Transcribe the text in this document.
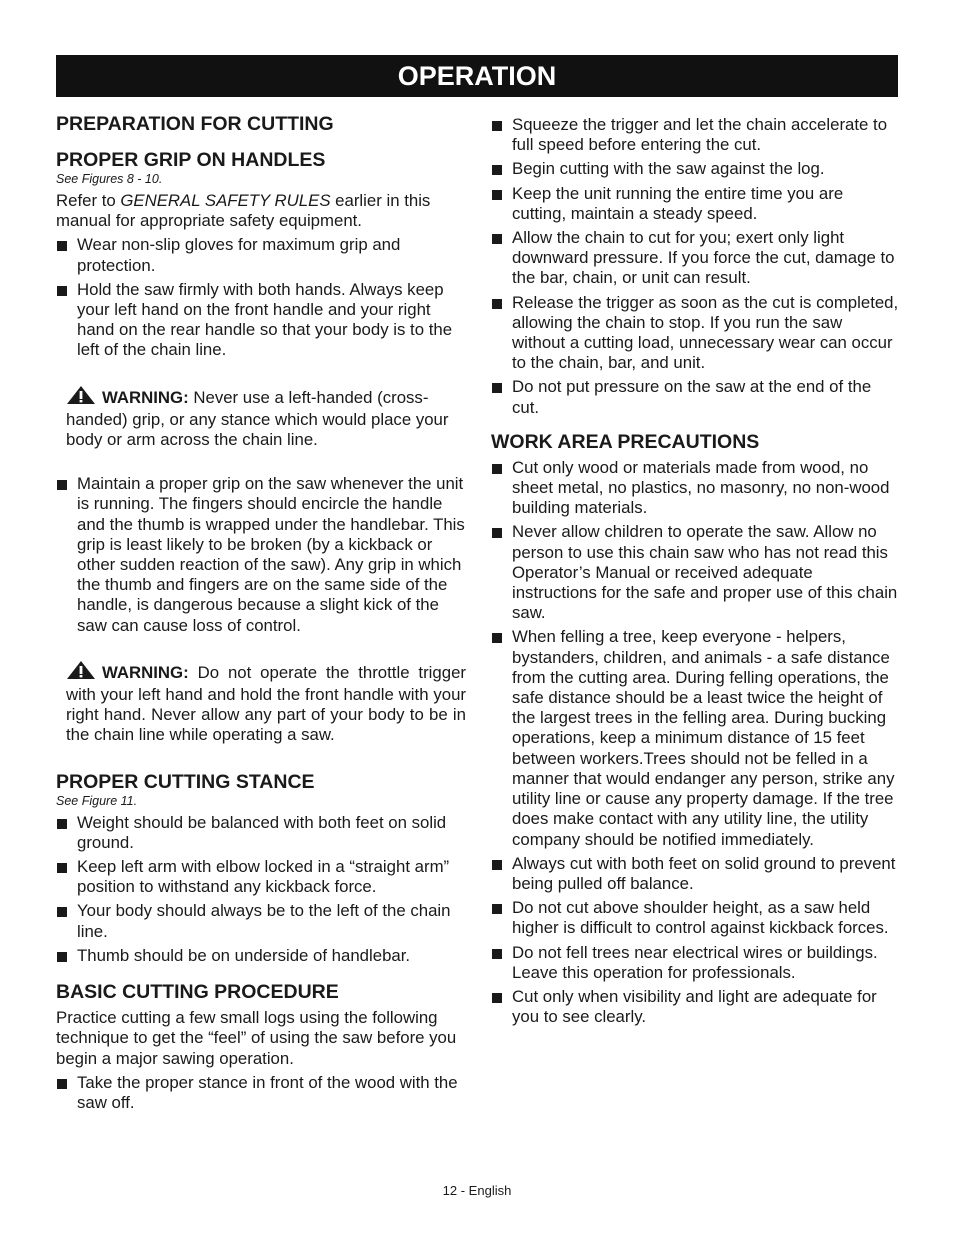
OPERATION
PREPARATION FOR CUTTING
PROPER GRIP ON HANDLES

See Figures 8 - 10.

Refer to GENERAL SAFETY RULES earlier in this manual for appropriate safety equipment.

Wear non-slip gloves for maximum grip and protection.
Hold the saw firmly with both hands. Always keep your left hand on the front handle and your right hand on the rear handle so that your body is to the left of the chain line.
WARNING: Never use a left-handed (cross-handed) grip, or any stance which would place your body or arm across the chain line.
Maintain a proper grip on the saw whenever the unit is running. The fingers should encircle the handle and the thumb is wrapped under the handlebar. This grip is least likely to be broken (by a kickback or other sudden reaction of the saw). Any grip in which the thumb and fingers are on the same side of the handle, is dangerous because a slight kick of the saw can cause loss of control.
WARNING: Do not operate the throttle trigger with your left hand and hold the front handle with your right hand. Never allow any part of your body to be in the chain line while operating a saw.
PROPER CUTTING STANCE

See Figure 11.

Weight should be balanced with both feet on solid ground.
Keep left arm with elbow locked in a “straight arm” position to withstand any kickback force.
Your body should always be to the left of the chain line.
Thumb should be on underside of handlebar.
BASIC CUTTING PROCEDURE

Practice cutting a few small logs using the following technique to get the “feel” of using the saw before you begin a major sawing operation.

Take the proper stance in front of the wood with the saw off.
Squeeze the trigger and let the chain accelerate to full speed before entering the cut.
Begin cutting with the saw against the log.
Keep the unit running the entire time you are cutting, maintain a steady speed.
Allow the chain to cut for you; exert only light downward pressure. If you force the cut, damage to the bar, chain, or unit can result.
Release the trigger as soon as the cut is completed, allowing the chain to stop. If you run the saw without a cutting load, unnecessary wear can occur to the chain, bar, and unit.
Do not put pressure on the saw at the end of the cut.
WORK AREA PRECAUTIONS
Cut only wood or materials made from wood, no sheet metal, no plastics, no masonry, no non-wood building materials.
Never allow children to operate the saw. Allow no person to use this chain saw who has not read this Operator’s Manual or received adequate instructions for the safe and proper use of this chain saw.
When felling a tree, keep everyone - helpers, bystanders, children, and animals - a safe distance from the cutting area. During felling operations, the safe distance should be a least twice the height of the largest trees in the felling area. During bucking operations, keep a minimum distance of 15 feet between workers.Trees should not be felled in a manner that would endanger any person, strike any utility line or cause any property damage. If the tree does make contact with any utility line, the utility company should be notified immediately.
Always cut with both feet on solid ground to prevent being pulled off balance.
Do not cut above shoulder height, as a saw held higher is difficult to control against kickback forces.
Do not fell trees near electrical wires or buildings. Leave this operation for professionals.
Cut only when visibility and light are adequate for you to see clearly.
12 - English
